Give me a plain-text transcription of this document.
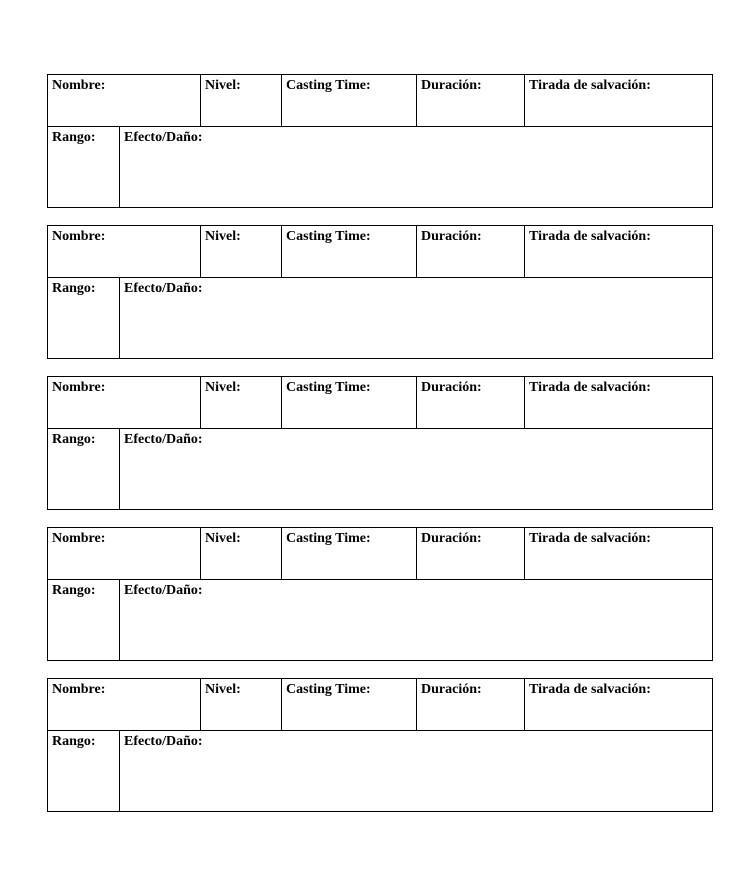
Nombre:	Nivel:	Casting Time:	Duración:	Tirada de salvación:
Rango:	Efecto/Daño:
Nombre:	Nivel:	Casting Time:	Duración:	Tirada de salvación:
Rango:	Efecto/Daño:
Nombre:	Nivel:	Casting Time:	Duración:	Tirada de salvación:
Rango:	Efecto/Daño:
Nombre:	Nivel:	Casting Time:	Duración:	Tirada de salvación:
Rango:	Efecto/Daño:
Nombre:	Nivel:	Casting Time:	Duración:	Tirada de salvación:
Rango:	Efecto/Daño:
